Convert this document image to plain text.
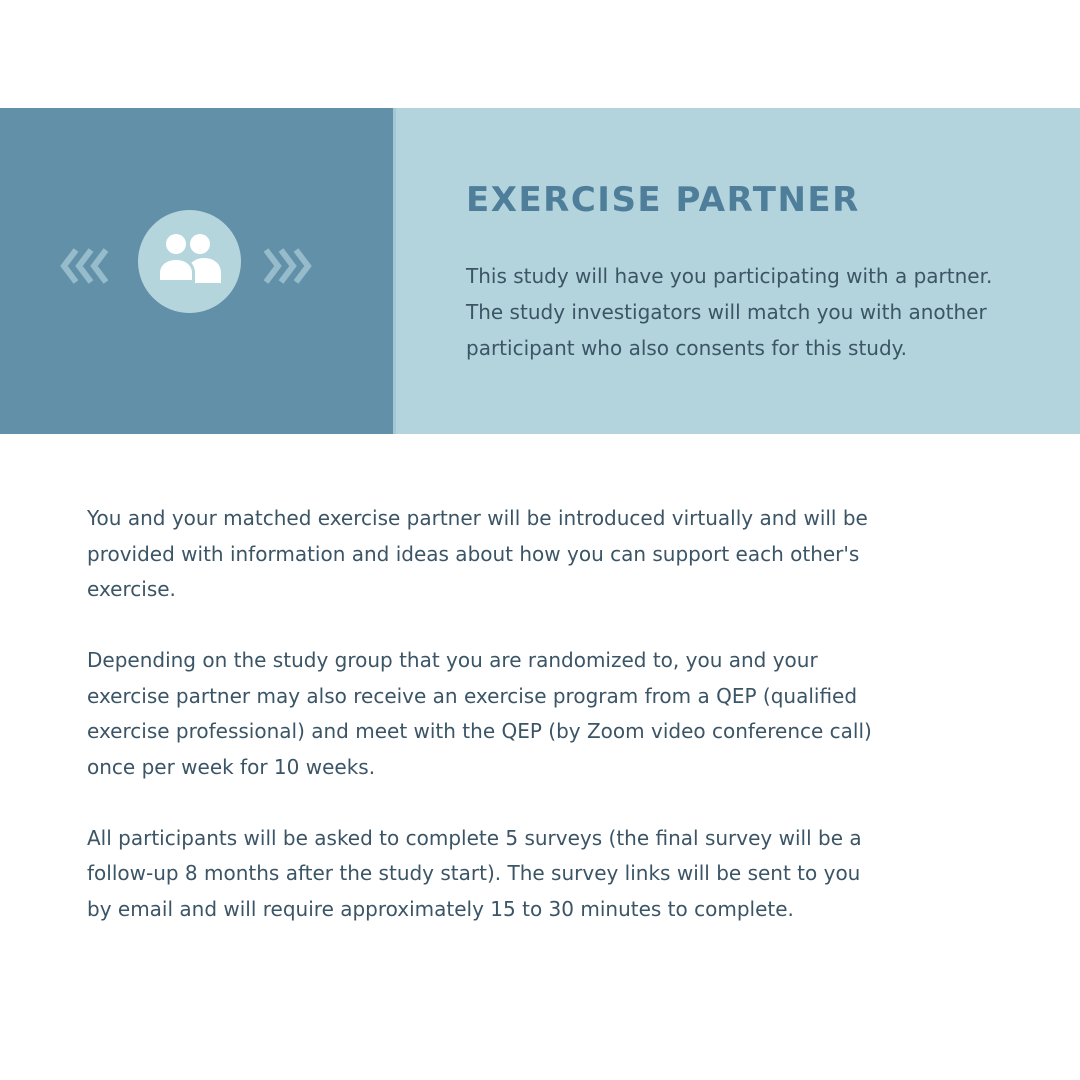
EXERCISE PARTNER

This study will have you participating with a partner. The study investigators will match you with another participant who also consents for this study.

You and your matched exercise partner will be introduced virtually and will be provided with information and ideas about how you can support each other's exercise.

Depending on the study group that you are randomized to, you and your exercise partner may also receive an exercise program from a QEP (qualified exercise professional) and meet with the QEP (by Zoom video conference call) once per week for 10 weeks.

All participants will be asked to complete 5 surveys (the final survey will be a follow-up 8 months after the study start). The survey links will be sent to you by email and will require approximately 15 to 30 minutes to complete.
